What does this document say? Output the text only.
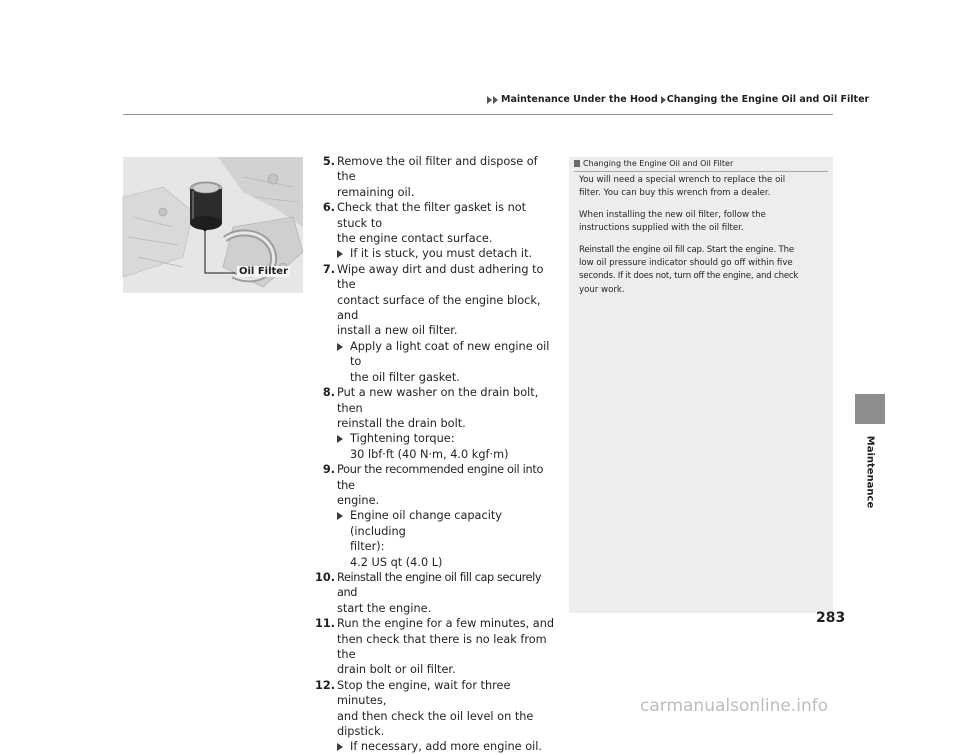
Maintenance Under the Hood Changing the Engine Oil and Oil Filter
Maintenance
Oil Filter
5. Remove the oil filter and dispose of the
remaining oil.
6. Check that the filter gasket is not stuck to
the engine contact surface.
If it is stuck, you must detach it.
7. Wipe away dirt and dust adhering to the
contact surface of the engine block, and
install a new oil filter.
Apply a light coat of new engine oil to
the oil filter gasket.
8. Put a new washer on the drain bolt, then
reinstall the drain bolt.
Tightening torque:
30 lbf·ft (40 N·m, 4.0 kgf·m)
9. Pour the recommended engine oil into the
engine.
Engine oil change capacity (including
filter):
4.2 US qt (4.0 L)
10. Reinstall the engine oil fill cap securely and
start the engine.
11. Run the engine for a few minutes, and
then check that there is no leak from the
drain bolt or oil filter.
12. Stop the engine, wait for three minutes,
and then check the oil level on the
dipstick.
If necessary, add more engine oil.
Changing the Engine Oil and Oil Filter

You will need a special wrench to replace the oil
filter. You can buy this wrench from a dealer.

When installing the new oil filter, follow the
instructions supplied with the oil filter.

Reinstall the engine oil fill cap. Start the engine. The
low oil pressure indicator should go off within five
seconds. If it does not, turn off the engine, and check
your work.

283
carmanualsonline.info
